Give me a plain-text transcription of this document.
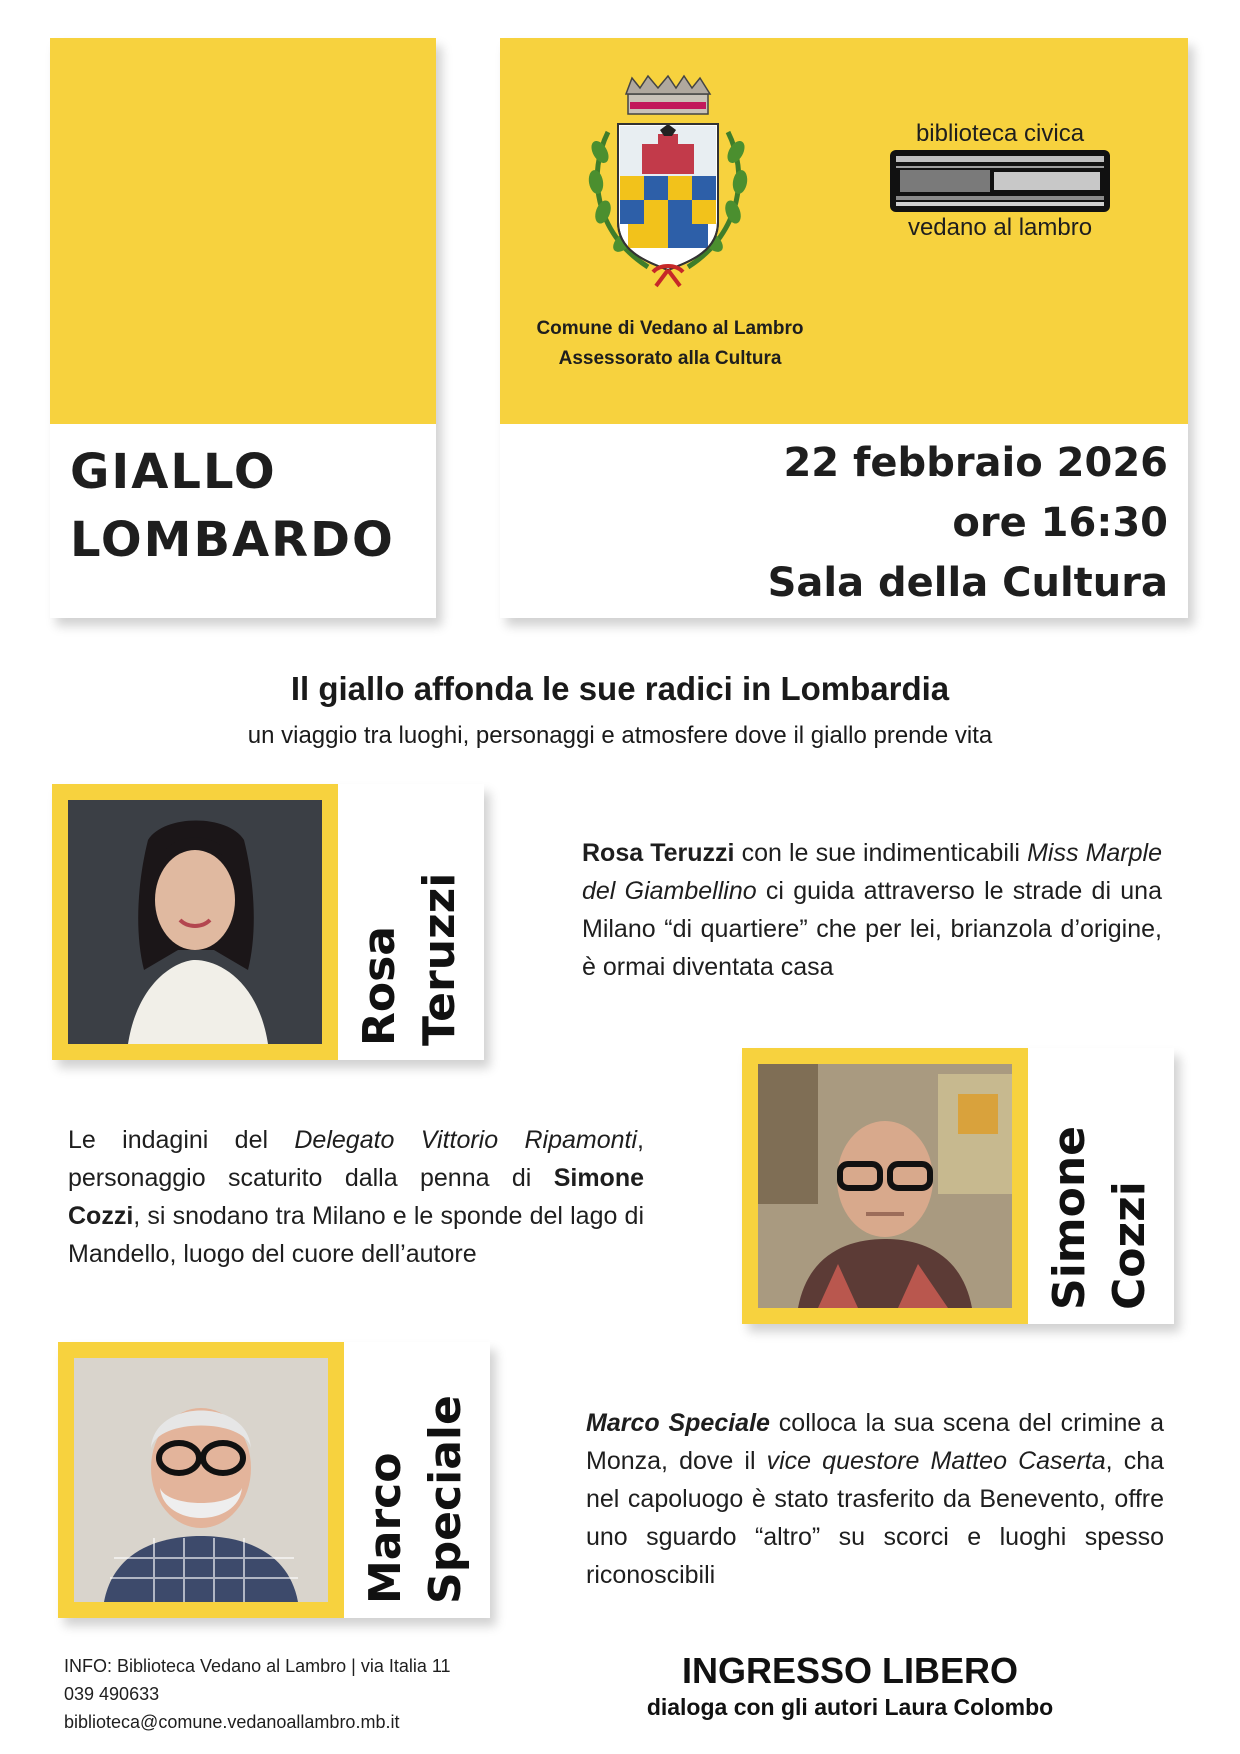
GIALLO
LOMBARDO
Comune di Vedano al Lambro
Assessorato alla Cultura
biblioteca civica
vedano al lambro
22 febbraio 2026
ore 16:30
Sala della Cultura
Il giallo affonda le sue radici in Lombardia
un viaggio tra luoghi, personaggi e atmosfere dove il giallo prende vita
Rosa Teruzzi
Rosa Teruzzi con le sue indimenticabili Miss Marple del Giambellino ci guida attraverso le strade di una Milano “di quartiere” che per lei, brianzola d’origine, è ormai diventata casa
Le indagini del Delegato Vittorio Ripamonti, personaggio scaturito dalla penna di Simone Cozzi, si snodano tra Milano e le sponde del lago di Mandello, luogo del cuore dell’autore	Simone Cozzi
Marco Speciale	Marco Speciale colloca la sua scena del crimine a Monza, dove il vice questore Matteo Caserta, cha nel capoluogo è stato trasferito da Benevento, offre uno sguardo “altro” su scorci e luoghi spesso riconoscibili
INFO: Biblioteca Vedano al Lambro | via Italia 11
039 490633
biblioteca@comune.vedanoallambro.mb.it
INGRESSO LIBERO
dialoga con gli autori Laura Colombo
